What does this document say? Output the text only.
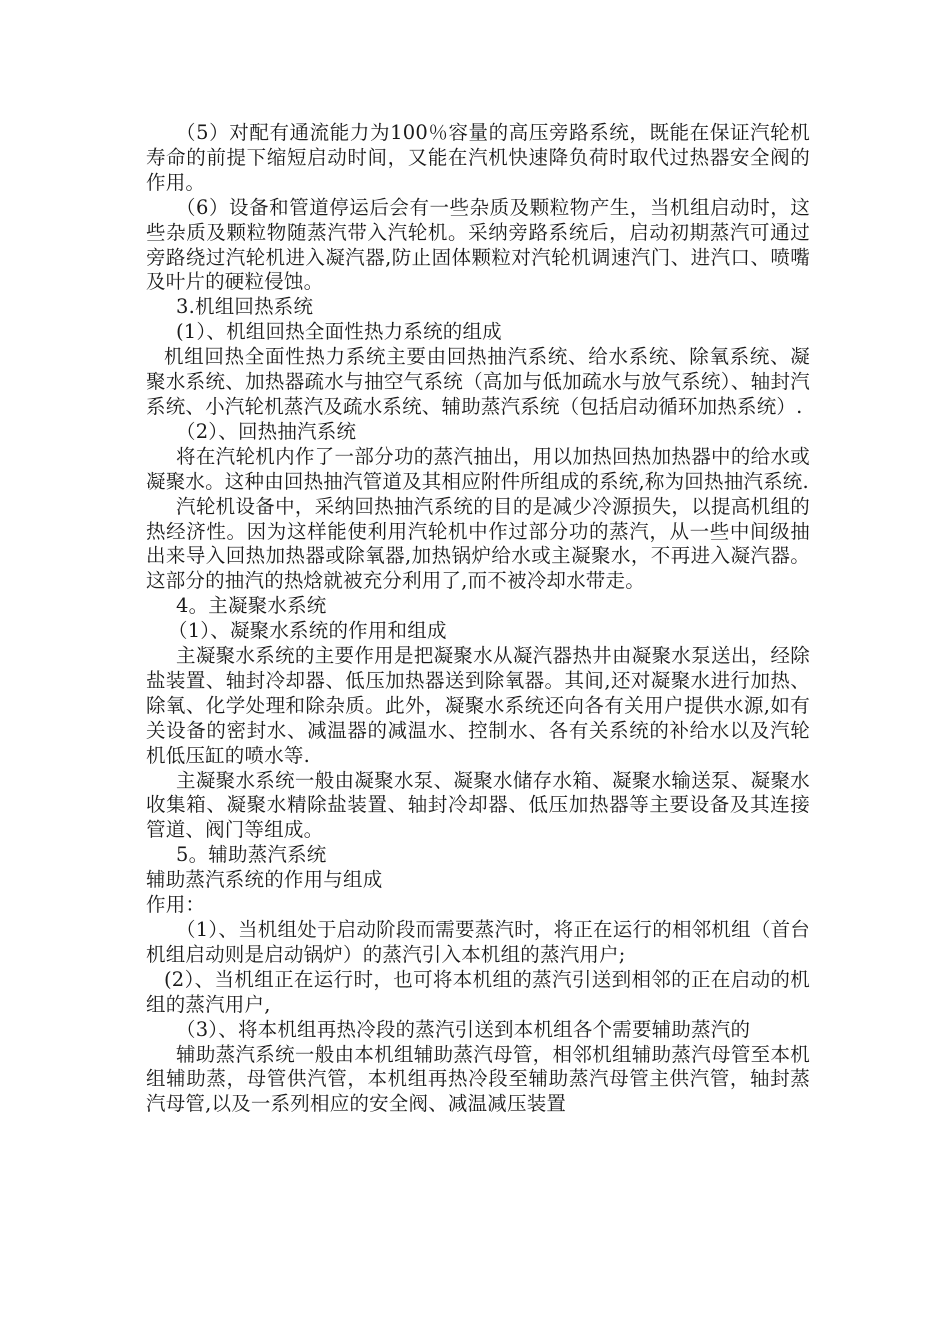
（5）对配有通流能力为100％容量的高压旁路系统，既能在保证汽轮机寿命的前提下缩短启动时间，又能在汽机快速降负荷时取代过热器安全阀的作用。

（6）设备和管道停运后会有一些杂质及颗粒物产生，当机组启动时，这些杂质及颗粒物随蒸汽带入汽轮机。采纳旁路系统后，启动初期蒸汽可通过旁路绕过汽轮机进入凝汽器,防止固体颗粒对汽轮机调速汽门、进汽口、喷嘴及叶片的硬粒侵蚀。

3.机组回热系统

(1）、机组回热全面性热力系统的组成

机组回热全面性热力系统主要由回热抽汽系统、给水系统、除氧系统、凝聚水系统、加热器疏水与抽空气系统（高加与低加疏水与放气系统）、轴封汽系统、小汽轮机蒸汽及疏水系统、辅助蒸汽系统（包括启动循环加热系统）.

（2）、回热抽汽系统

将在汽轮机内作了一部分功的蒸汽抽出，用以加热回热加热器中的给水或凝聚水。这种由回热抽汽管道及其相应附件所组成的系统,称为回热抽汽系统.

汽轮机设备中，采纳回热抽汽系统的目的是减少冷源损失，以提高机组的热经济性。因为这样能使利用汽轮机中作过部分功的蒸汽，从一些中间级抽出来导入回热加热器或除氧器,加热锅炉给水或主凝聚水，不再进入凝汽器。这部分的抽汽的热焓就被充分利用了,而不被冷却水带走。

4。主凝聚水系统

（1）、凝聚水系统的作用和组成

主凝聚水系统的主要作用是把凝聚水从凝汽器热井由凝聚水泵送出，经除盐装置、轴封冷却器、低压加热器送到除氧器。其间,还对凝聚水进行加热、除氧、化学处理和除杂质。此外，凝聚水系统还向各有关用户提供水源,如有关设备的密封水、减温器的减温水、控制水、各有关系统的补给水以及汽轮机低压缸的喷水等.

主凝聚水系统一般由凝聚水泵、凝聚水储存水箱、凝聚水输送泵、凝聚水收集箱、凝聚水精除盐装置、轴封冷却器、低压加热器等主要设备及其连接管道、阀门等组成。

5。辅助蒸汽系统

辅助蒸汽系统的作用与组成

作用：

（1）、当机组处于启动阶段而需要蒸汽时，将正在运行的相邻机组（首台机组启动则是启动锅炉）的蒸汽引入本机组的蒸汽用户;

(2）、当机组正在运行时，也可将本机组的蒸汽引送到相邻的正在启动的机组的蒸汽用户,

（3）、将本机组再热冷段的蒸汽引送到本机组各个需要辅助蒸汽的

辅助蒸汽系统一般由本机组辅助蒸汽母管，相邻机组辅助蒸汽母管至本机组辅助蒸，母管供汽管，本机组再热冷段至辅助蒸汽母管主供汽管，轴封蒸汽母管,以及一系列相应的安全阀、减温减压装置
